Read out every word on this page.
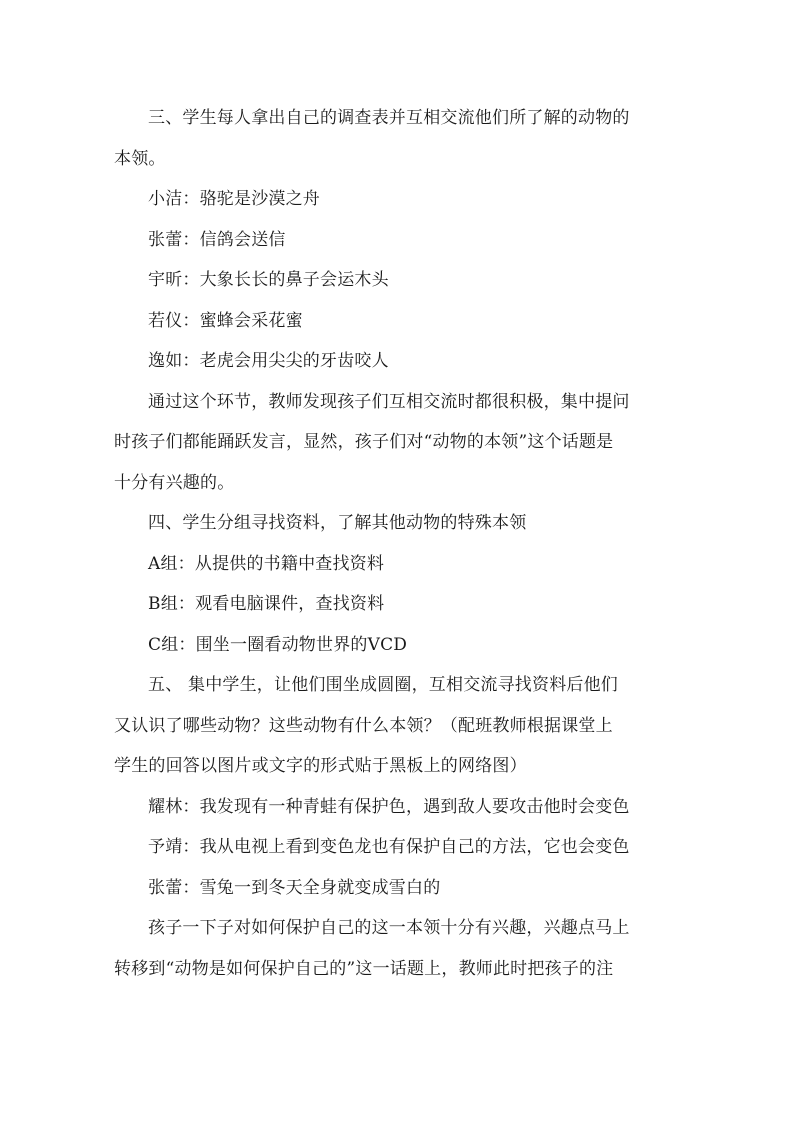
三、学生每人拿出自己的调查表并互相交流他们所了解的动物的

本领。

小洁：骆驼是沙漠之舟

张蕾：信鸽会送信

宇昕：大象长长的鼻子会运木头

若仪：蜜蜂会采花蜜

逸如：老虎会用尖尖的牙齿咬人

通过这个环节，教师发现孩子们互相交流时都很积极，集中提问

时孩子们都能踊跃发言，显然，孩子们对“动物的本领”这个话题是

十分有兴趣的。

四、学生分组寻找资料，了解其他动物的特殊本领

A组：从提供的书籍中查找资料

B组：观看电脑课件，查找资料

C组：围坐一圈看动物世界的VCD

五、 集中学生，让他们围坐成圆圈，互相交流寻找资料后他们

又认识了哪些动物？这些动物有什么本领？（配班教师根据课堂上

学生的回答以图片或文字的形式贴于黑板上的网络图）

耀林：我发现有一种青蛙有保护色，遇到敌人要攻击他时会变色

予靖：我从电视上看到变色龙也有保护自己的方法，它也会变色

张蕾：雪兔一到冬天全身就变成雪白的

孩子一下子对如何保护自己的这一本领十分有兴趣，兴趣点马上

转移到“动物是如何保护自己的”这一话题上，教师此时把孩子的注
